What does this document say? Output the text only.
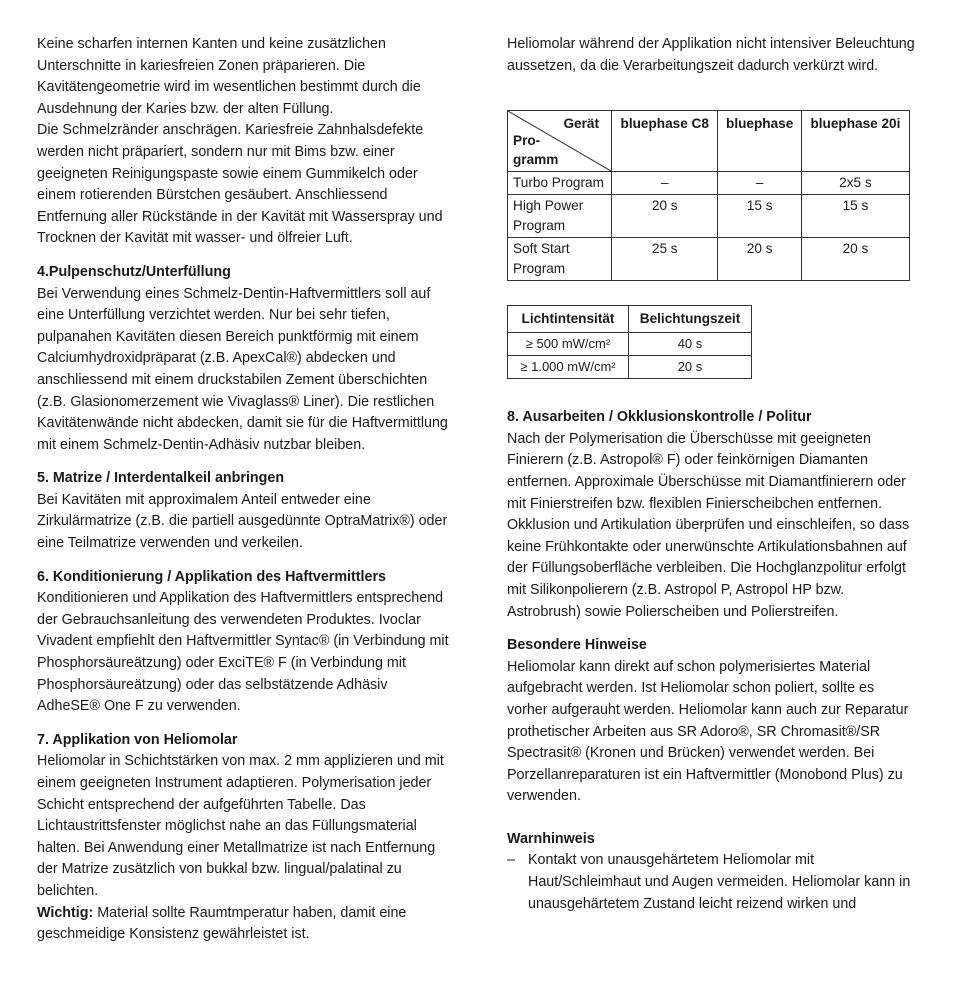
Keine scharfen internen Kanten und keine zusätzlichen Unterschnitte in kariesfreien Zonen präparieren. Die Kavitätengeometrie wird im wesentlichen bestimmt durch die Ausdehnung der Karies bzw. der alten Füllung.

Die Schmelzränder anschrägen. Kariesfreie Zahnhalsdefekte werden nicht präpariert, sondern nur mit Bims bzw. einer geeigneten Reinigungspaste sowie einem Gummikelch oder einem rotierenden Bürstchen gesäubert. Anschliessend Entfernung aller Rückstände in der Kavität mit Wasserspray und Trocknen der Kavität mit wasser- und ölfreier Luft.

4.Pulpenschutz/Unterfüllung

Bei Verwendung eines Schmelz-Dentin-Haftvermittlers soll auf eine Unterfüllung verzichtet werden. Nur bei sehr tiefen, pulpanahen Kavitäten diesen Bereich punktförmig mit einem Calciumhydroxidpräparat (z.B. ApexCal®) abdecken und anschliessend mit einem druckstabilen Zement überschichten (z.B. Glasionomerzement wie Vivaglass® Liner). Die restlichen Kavitätenwände nicht abdecken, damit sie für die Haftvermittlung mit einem Schmelz-Dentin-Adhäsiv nutzbar bleiben.

5. Matrize / Interdentalkeil anbringen

Bei Kavitäten mit approximalem Anteil entweder eine Zirkulärmatrize (z.B. die partiell ausgedünnte OptraMatrix®) oder eine Teilmatrize verwenden und verkeilen.

6. Konditionierung / Applikation des Haftvermittlers

Konditionieren und Applikation des Haftvermittlers entsprechend der Gebrauchsanleitung des verwendeten Produktes. Ivoclar Vivadent empfiehlt den Haftvermittler Syntac® (in Verbindung mit Phosphorsäureätzung) oder ExciTE® F (in Verbindung mit Phosphorsäureätzung) oder das selbstätzende Adhäsiv AdheSE® One F zu verwenden.

7. Applikation von Heliomolar

Heliomolar in Schichtstärken von max. 2 mm applizieren und mit einem geeigneten Instrument adaptieren. Polymerisation jeder Schicht entsprechend der aufgeführten Tabelle. Das Lichtaustrittsfenster möglichst nahe an das Füllungsmaterial halten. Bei Anwendung einer Metallmatrize ist nach Entfernung der Matrize zusätzlich von bukkal bzw. lingual/palatinal zu belichten.

Wichtig: Material sollte Raumtmperatur haben, damit eine geschmeidige Konsistenz gewährleistet ist.

Heliomolar während der Applikation nicht intensiver Beleuchtung aussetzen, da die Verarbeitungszeit dadurch verkürzt wird.

Gerät
Pro-
gramm	bluephase C8	bluephase	bluephase 20i
Turbo Program	–	–	2x5 s
High Power Program	20 s	15 s	15 s
Soft Start Program	25 s	20 s	20 s
Lichtintensität	Belichtungszeit
≥ 500 mW/cm²	40 s
≥ 1.000 mW/cm²	20 s
8. Ausarbeiten / Okklusionskontrolle / Politur

Nach der Polymerisation die Überschüsse mit geeigneten Finierern (z.B. Astropol® F) oder feinkörnigen Diamanten entfernen. Approximale Überschüsse mit Diamantfinierern oder mit Finierstreifen bzw. flexiblen Finierscheibchen entfernen. Okklusion und Artikulation überprüfen und einschleifen, so dass keine Frühkontakte oder unerwünschte Artikulationsbahnen auf der Füllungsoberfläche verbleiben. Die Hochglanzpolitur erfolgt mit Silikonpolierern (z.B. Astropol P, Astropol HP bzw. Astrobrush) sowie Polierscheiben und Polierstreifen.

Besondere Hinweise

Heliomolar kann direkt auf schon polymerisiertes Material aufgebracht werden. Ist Heliomolar schon poliert, sollte es vorher aufgerauht werden. Heliomolar kann auch zur Reparatur prothetischer Arbeiten aus SR Adoro®, SR Chromasit®/SR Spectrasit® (Kronen und Brücken) verwendet werden. Bei Porzellanreparaturen ist ein Haftvermittler (Monobond Plus) zu verwenden.

Warnhinweis
– Kontakt von unausgehärtetem Heliomolar mit Haut/Schleimhaut und Augen vermeiden. Heliomolar kann in unausgehärtetem Zustand leicht reizend wirken und
